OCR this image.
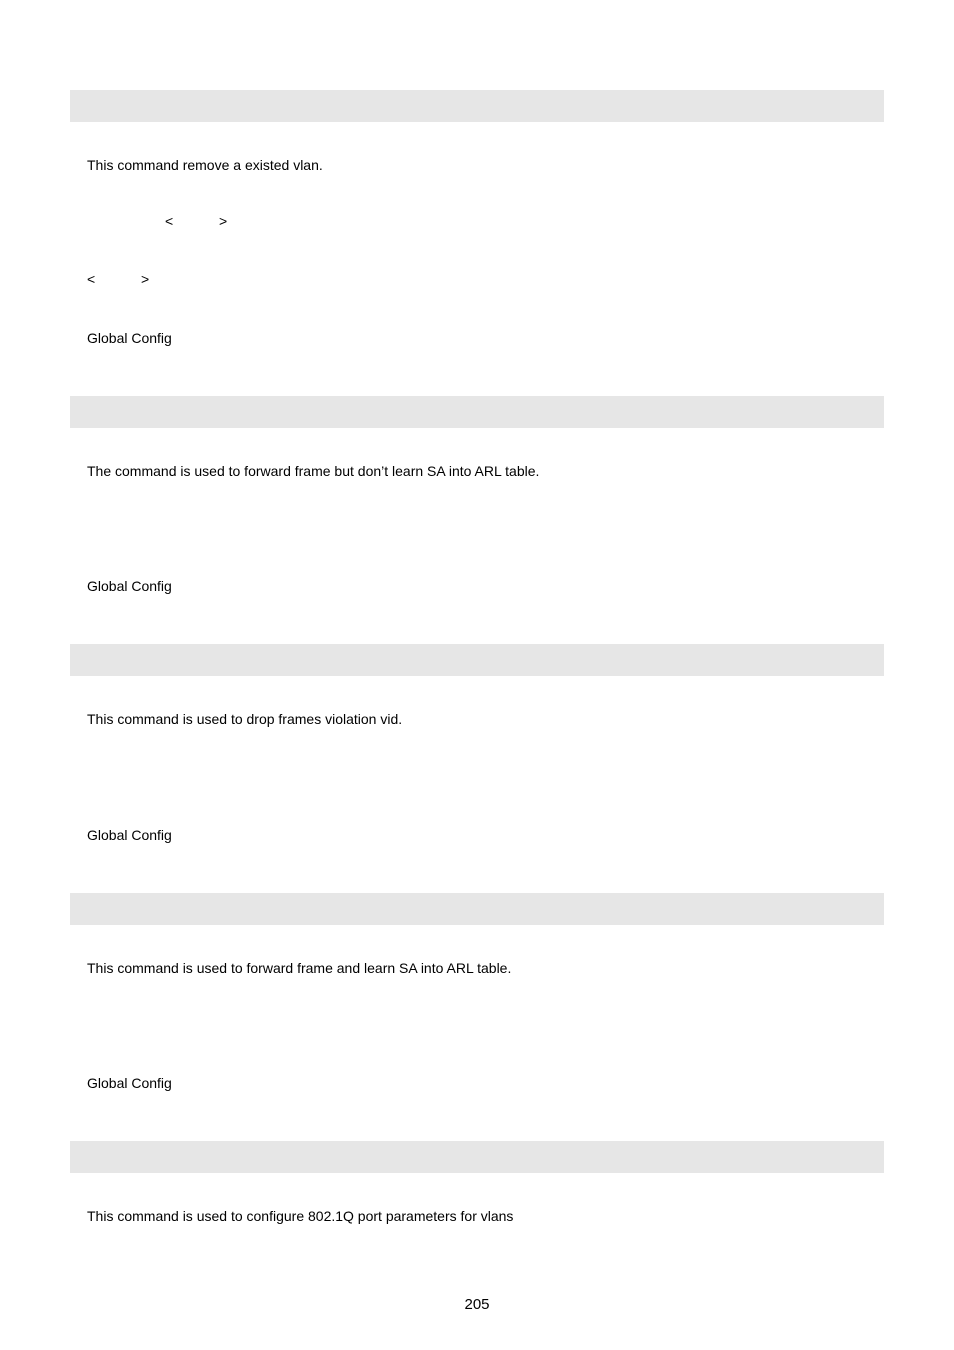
This command remove a existed vlan.
<	>
<	>
Global Config
The command is used to forward frame but don’t learn SA into ARL table.
Global Config
This command is used to drop frames violation vid.
Global Config
This command is used to forward frame and learn SA into ARL table.
Global Config
This command is used to configure 802.1Q port parameters for vlans
205
